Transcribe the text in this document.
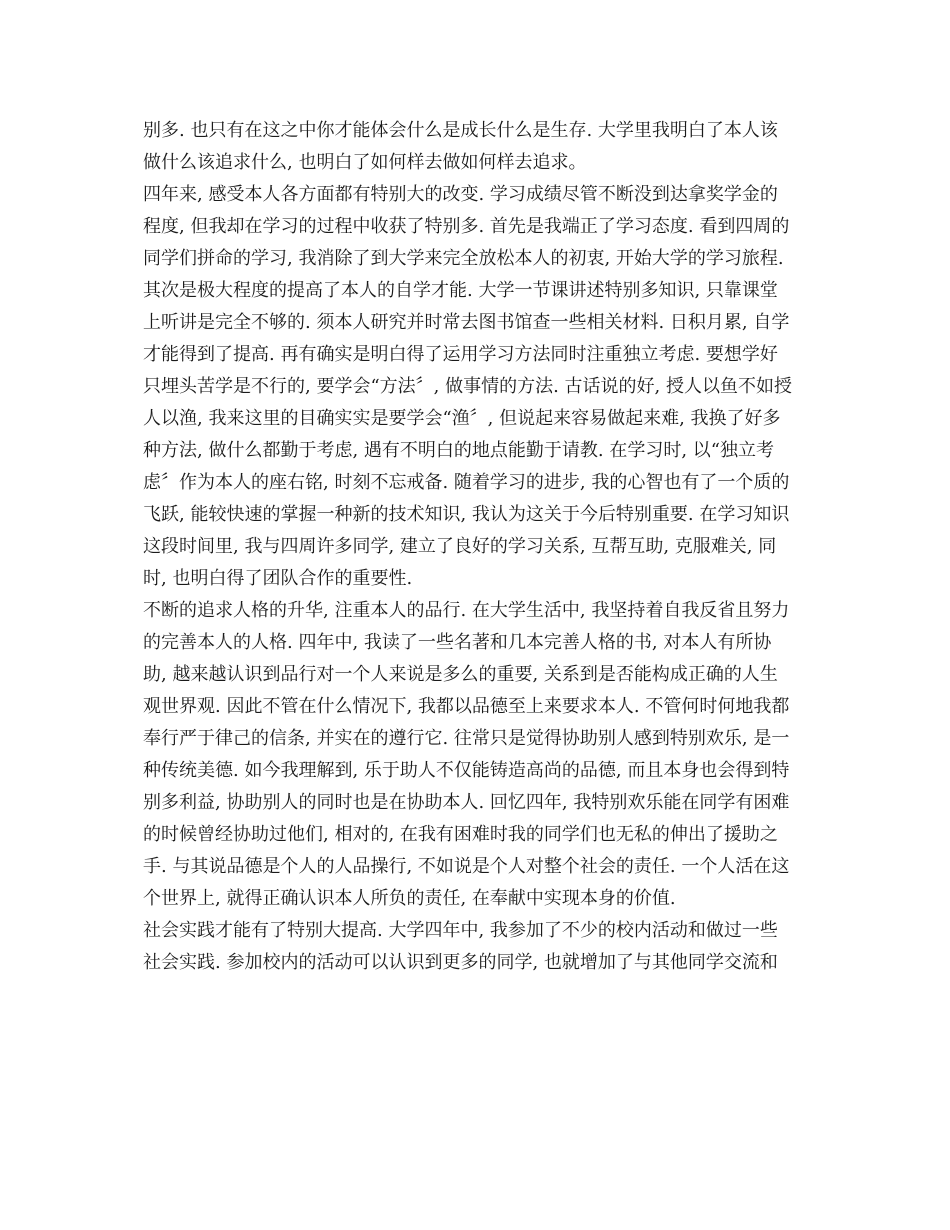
别多. 也只有在这之中你才能体会什么是成长什么是生存. 大学里我明白了本人该
做什么该追求什么, 也明白了如何样去做如何样去追求。
四年来, 感受本人各方面都有特别大的改变. 学习成绩尽管不断没到达拿奖学金的
程度, 但我却在学习的过程中收获了特别多. 首先是我端正了学习态度. 看到四周的
同学们拼命的学习, 我消除了到大学来完全放松本人的初衷, 开始大学的学习旅程.
其次是极大程度的提高了本人的自学才能. 大学一节课讲述特别多知识, 只靠课堂
上听讲是完全不够的. 须本人研究并时常去图书馆查一些相关材料. 日积月累, 自学
才能得到了提高. 再有确实是明白得了运用学习方法同时注重独立考虑. 要想学好
只埋头苦学是不行的, 要学会“方法〞, 做事情的方法. 古话说的好, 授人以鱼不如授
人以渔, 我来这里的目确实实是要学会“渔〞, 但说起来容易做起来难, 我换了好多
种方法, 做什么都勤于考虑, 遇有不明白的地点能勤于请教. 在学习时, 以“独立考
虑〞作为本人的座右铭, 时刻不忘戒备. 随着学习的进步, 我的心智也有了一个质的
飞跃, 能较快速的掌握一种新的技术知识, 我认为这关于今后特别重要. 在学习知识
这段时间里, 我与四周许多同学, 建立了良好的学习关系, 互帮互助, 克服难关, 同
时, 也明白得了团队合作的重要性.
不断的追求人格的升华, 注重本人的品行. 在大学生活中, 我坚持着自我反省且努力
的完善本人的人格. 四年中, 我读了一些名著和几本完善人格的书, 对本人有所协
助, 越来越认识到品行对一个人来说是多么的重要, 关系到是否能构成正确的人生
观世界观. 因此不管在什么情况下, 我都以品德至上来要求本人. 不管何时何地我都
奉行严于律己的信条, 并实在的遵行它. 往常只是觉得协助别人感到特别欢乐, 是一
种传统美德. 如今我理解到, 乐于助人不仅能铸造高尚的品德, 而且本身也会得到特
别多利益, 协助别人的同时也是在协助本人. 回忆四年, 我特别欢乐能在同学有困难
的时候曾经协助过他们, 相对的, 在我有困难时我的同学们也无私的伸出了援助之
手. 与其说品德是个人的人品操行, 不如说是个人对整个社会的责任. 一个人活在这
个世界上, 就得正确认识本人所负的责任, 在奉献中实现本身的价值.
社会实践才能有了特别大提高. 大学四年中, 我参加了不少的校内活动和做过一些
社会实践. 参加校内的活动可以认识到更多的同学, 也就增加了与其他同学交流和
